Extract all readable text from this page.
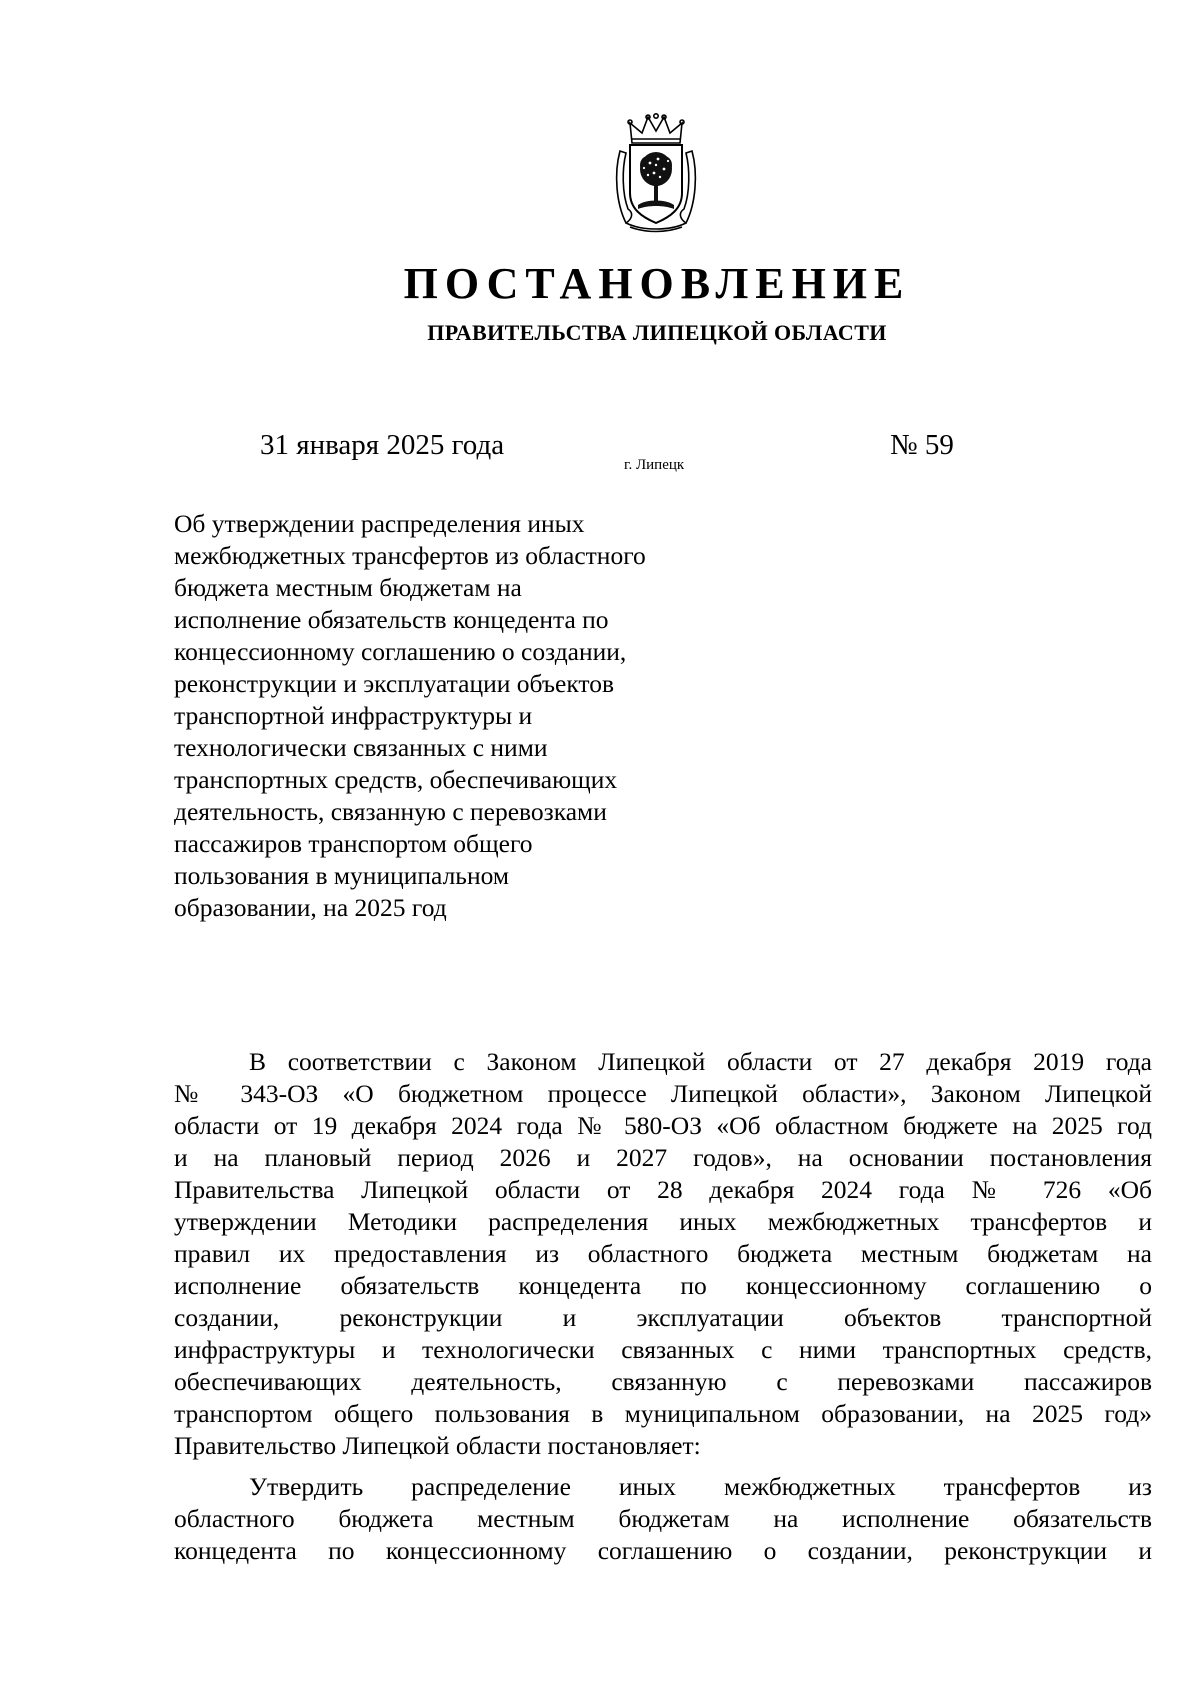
ПОСТАНОВЛЕНИЕ
ПРАВИТЕЛЬСТВА ЛИПЕЦКОЙ ОБЛАСТИ
31 января 2025 года
г. Липецк
№ 59
Об утверждении распределения иных
межбюджетных трансфертов из областного
бюджета местным бюджетам на
исполнение обязательств концедента по
концессионному соглашению о создании,
реконструкции и эксплуатации объектов
транспортной инфраструктуры и
технологически связанных с ними
транспортных средств, обеспечивающих
деятельность, связанную с перевозками
пассажиров транспортом общего
пользования в муниципальном
образовании, на 2025 год

В соответствии с Законом Липецкой области от 27 декабря 2019 года
№ 343-ОЗ «О бюджетном процессе Липецкой области», Законом Липецкой
области от 19 декабря 2024 года № 580-ОЗ «Об областном бюджете на 2025 год
и на плановый период 2026 и 2027 годов», на основании постановления
Правительства Липецкой области от 28 декабря 2024 года № 726 «Об
утверждении Методики распределения иных межбюджетных трансфертов и
правил их предоставления из областного бюджета местным бюджетам на
исполнение обязательств концедента по концессионному соглашению о
создании, реконструкции и эксплуатации объектов транспортной
инфраструктуры и технологически связанных с ними транспортных средств,
обеспечивающих деятельность, связанную с перевозками пассажиров
транспортом общего пользования в муниципальном образовании, на 2025 год»
Правительство Липецкой области постановляет:

Утвердить распределение иных межбюджетных трансфертов из
областного бюджета местным бюджетам на исполнение обязательств
концедента по концессионному соглашению о создании, реконструкции и
